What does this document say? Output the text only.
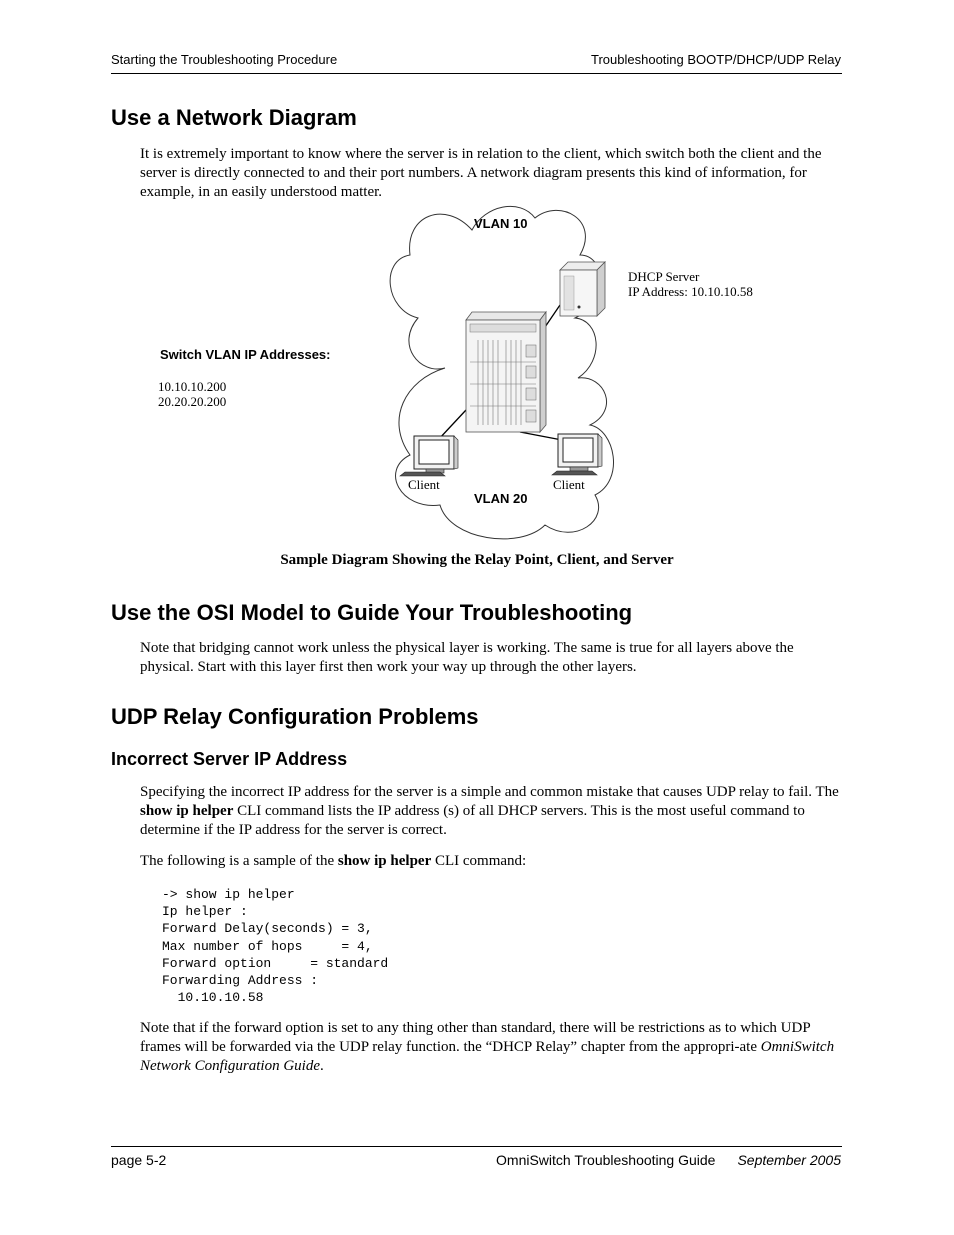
Starting the Troubleshooting Procedure	Troubleshooting BOOTP/DHCP/UDP Relay
Use a Network Diagram

It is extremely important to know where the server is in relation to the client, which switch both the client and the server is directly connected to and their port numbers. A network diagram presents this kind of information, for example, in an easily understood matter.

VLAN 10
VLAN 20
DHCP Server
IP Address: 10.10.10.58
Switch VLAN IP Addresses:
10.10.10.200
20.20.20.200
Client	Client
Sample Diagram Showing the Relay Point, Client, and Server
Use the OSI Model to Guide Your Troubleshooting

Note that bridging cannot work unless the physical layer is working. The same is true for all layers above the physical. Start with this layer first then work your way up through the other layers.

UDP Relay Configuration Problems
Incorrect Server IP Address

Specifying the incorrect IP address for the server is a simple and common mistake that causes UDP relay to fail. The show ip helper CLI command lists the IP address (s) of all DHCP servers. This is the most useful command to determine if the IP address for the server is correct.

The following is a sample of the show ip helper CLI command:

-> show ip helper
Ip helper :
Forward Delay(seconds) = 3,
Max number of hops     = 4,
Forward option     = standard
Forwarding Address :
10.10.10.58

Note that if the forward option is set to any thing other than standard, there will be restrictions as to which UDP frames will be forwarded via the UDP relay function. the “DHCP Relay” chapter from the appropri-ate OmniSwitch Network Configuration Guide.

page 5-2	OmniSwitch Troubleshooting Guide September 2005
